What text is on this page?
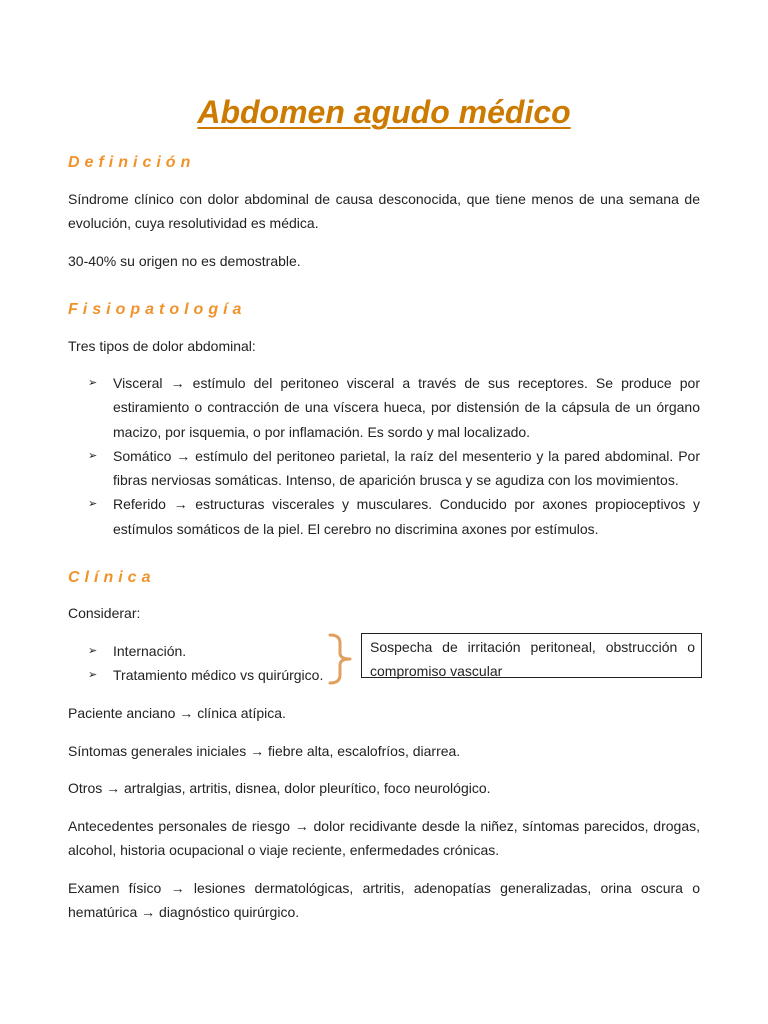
Abdomen agudo médico
Definición

Síndrome clínico con dolor abdominal de causa desconocida, que tiene menos de una semana de evolución, cuya resolutividad es médica.

30-40% su origen no es demostrable.

Fisiopatología

Tres tipos de dolor abdominal:

➢ Visceral → estímulo del peritoneo visceral a través de sus receptores. Se produce por estiramiento o contracción de una víscera hueca, por distensión de la cápsula de un órgano macizo, por isquemia, o por inflamación. Es sordo y mal localizado.
➢ Somático → estímulo del peritoneo parietal, la raíz del mesenterio y la pared abdominal. Por fibras nerviosas somáticas. Intenso, de aparición brusca y se agudiza con los movimientos.
➢ Referido → estructuras viscerales y musculares. Conducido por axones propioceptivos y estímulos somáticos de la piel. El cerebro no discrimina axones por estímulos.
Clínica

Considerar:

➢ Internación.
➢ Tratamiento médico vs quirúrgico.
Sospecha de irritación peritoneal, obstrucción o compromiso vascular

Paciente anciano → clínica atípica.

Síntomas generales iniciales → fiebre alta, escalofríos, diarrea.

Otros → artralgias, artritis, disnea, dolor pleurítico, foco neurológico.

Antecedentes personales de riesgo → dolor recidivante desde la niñez, síntomas parecidos, drogas, alcohol, historia ocupacional o viaje reciente, enfermedades crónicas.

Examen físico → lesiones dermatológicas, artritis, adenopatías generalizadas, orina oscura o hematúrica → diagnóstico quirúrgico.
